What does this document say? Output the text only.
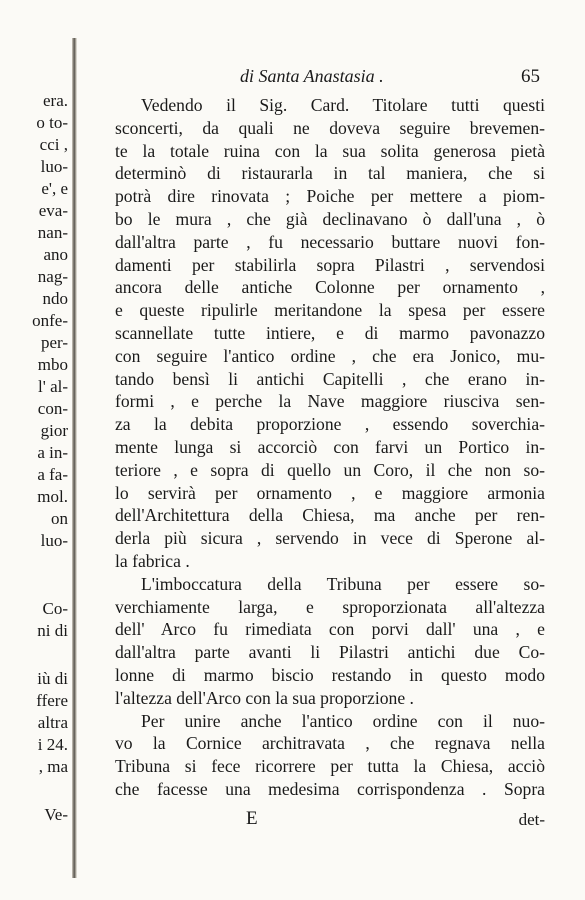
era.
o to-
cci ,
luo-
e', e
eva-
nan-
ano
nag-
ndo
onfe-
per-
mbo
l' al-
con-
gior
a in-
a fa-
mol.
on
luo-
Co-
ni di
iù di
ffere
altra
i 24.
, ma
Ve-
di Santa Anastasia .	65
Vedendo il Sig. Card. Titolare tutti questi
sconcerti, da quali ne doveva seguire brevemen-
te la totale ruina con la sua solita generosa pietà
determinò di ristaurarla in tal maniera, che si
potrà dire rinovata ; Poiche per mettere a piom-
bo le mura , che già declinavano ò dall'una , ò
dall'altra parte , fu necessario buttare nuovi fon-
damenti per stabilirla sopra Pilastri , servendosi
ancora delle antiche Colonne per ornamento ,
e queste ripulirle meritandone la spesa per essere
scannellate tutte intiere, e di marmo pavonazzo
con seguire l'antico ordine , che era Jonico, mu-
tando bensì li antichi Capitelli , che erano in-
formi , e perche la Nave maggiore riusciva sen-
za la debita proporzione , essendo soverchia-
mente lunga si accorciò con farvi un Portico in-
teriore , e sopra di quello un Coro, il che non so-
lo servirà per ornamento , e maggiore armonia
dell'Architettura della Chiesa, ma anche per ren-
derla più sicura , servendo in vece di Sperone al-
la fabrica .
L'imboccatura della Tribuna per essere so-
verchiamente larga, e sproporzionata all'altezza
dell' Arco fu rimediata con porvi dall' una , e
dall'altra parte avanti li Pilastri antichi due Co-
lonne di marmo biscio restando in questo modo
l'altezza dell'Arco con la sua proporzione .
Per unire anche l'antico ordine con il nuo-
vo la Cornice architravata , che regnava nella
Tribuna si fece ricorrere per tutta la Chiesa, acciò
che facesse una medesima corrispondenza . Sopra
E	det-
